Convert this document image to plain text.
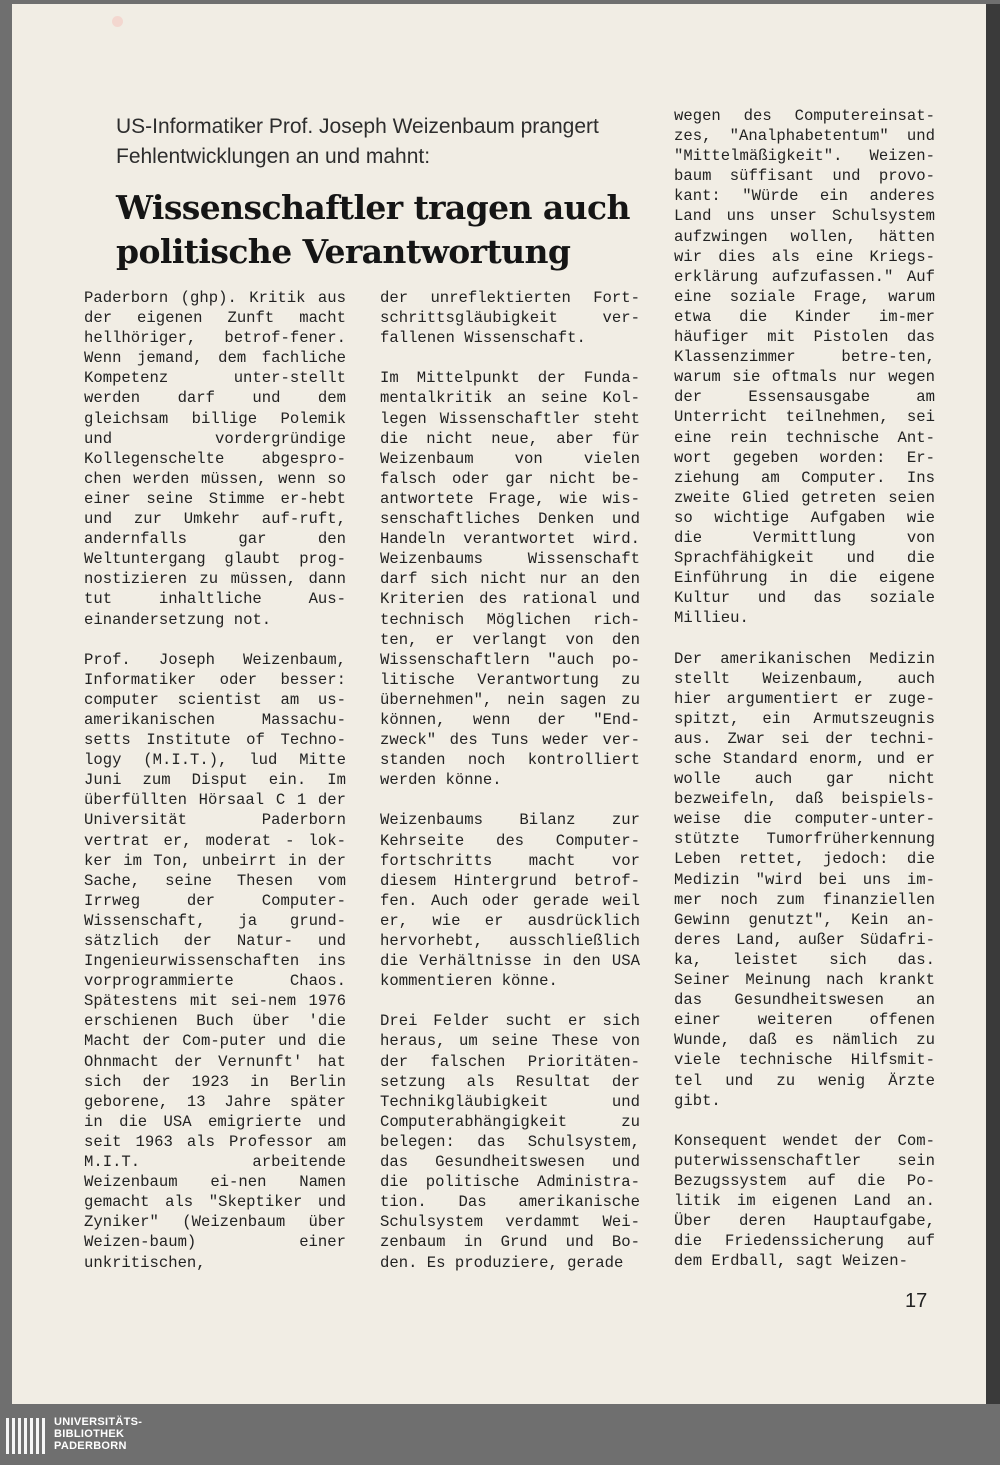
US-Informatiker Prof. Joseph Weizenbaum prangert
Fehlentwicklungen an und mahnt:
Wissenschaftler tragen auch
politische Verantwortung

Paderborn (ghp). Kritik aus der eigenen Zunft macht hellhöriger, betrof-fener. Wenn jemand, dem fachliche Kompetenz unter-stellt werden darf und dem gleichsam billige Polemik und vordergründige Kollegenschelte abgespro-chen werden müssen, wenn so einer seine Stimme er-hebt und zur Umkehr auf-ruft, andernfalls gar den Weltuntergang glaubt prog-nostizieren zu müssen, dann tut inhaltliche Aus-einandersetzung not.

Prof. Joseph Weizenbaum, Informatiker oder besser: computer scientist am us-amerikanischen Massachu-setts Institute of Techno-logy (M.I.T.), lud Mitte Juni zum Disput ein. Im überfüllten Hörsaal C 1 der Universität Paderborn vertrat er, moderat - lok-ker im Ton, unbeirrt in der Sache, seine Thesen vom Irrweg der Computer-Wissenschaft, ja grund-sätzlich der Natur- und Ingenieurwissenschaften ins vorprogrammierte Chaos. Spätestens mit sei-nem 1976 erschienen Buch über 'die Macht der Com-puter und die Ohnmacht der Vernunft' hat sich der 1923 in Berlin geborene, 13 Jahre später in die USA emigrierte und seit 1963 als Professor am M.I.T. arbeitende Weizenbaum ei-nen Namen gemacht als "Skeptiker und Zyniker" (Weizenbaum über Weizen-baum) einer unkritischen,

der unreflektierten Fort-schrittsgläubigkeit ver-fallenen Wissenschaft.

Im Mittelpunkt der Funda-mentalkritik an seine Kol-legen Wissenschaftler steht die nicht neue, aber für Weizenbaum von vielen falsch oder gar nicht be-antwortete Frage, wie wis-senschaftliches Denken und Handeln verantwortet wird. Weizenbaums Wissenschaft darf sich nicht nur an den Kriterien des rational und technisch Möglichen rich-ten, er verlangt von den Wissenschaftlern "auch po-litische Verantwortung zu übernehmen", nein sagen zu können, wenn der "End-zweck" des Tuns weder ver-standen noch kontrolliert werden könne.

Weizenbaums Bilanz zur Kehrseite des Computer-fortschritts macht vor diesem Hintergrund betrof-fen. Auch oder gerade weil er, wie er ausdrücklich hervorhebt, ausschließlich die Verhältnisse in den USA kommentieren könne.

Drei Felder sucht er sich heraus, um seine These von der falschen Prioritäten-setzung als Resultat der Technikgläubigkeit und Computerabhängigkeit zu belegen: das Schulsystem, das Gesundheitswesen und die politische Administra-tion. Das amerikanische Schulsystem verdammt Wei-zenbaum in Grund und Bo-den. Es produziere, gerade

wegen des Computereinsat-zes, "Analphabetentum" und "Mittelmäßigkeit". Weizen-baum süffisant und provo-kant: "Würde ein anderes Land uns unser Schulsystem aufzwingen wollen, hätten wir dies als eine Kriegs-erklärung aufzufassen." Auf eine soziale Frage, warum etwa die Kinder im-mer häufiger mit Pistolen das Klassenzimmer betre-ten, warum sie oftmals nur wegen der Essensausgabe am Unterricht teilnehmen, sei eine rein technische Ant-wort gegeben worden: Er-ziehung am Computer. Ins zweite Glied getreten seien so wichtige Aufgaben wie die Vermittlung von Sprachfähigkeit und die Einführung in die eigene Kultur und das soziale Millieu.

Der amerikanischen Medizin stellt Weizenbaum, auch hier argumentiert er zuge-spitzt, ein Armutszeugnis aus. Zwar sei der techni-sche Standard enorm, und er wolle auch gar nicht bezweifeln, daß beispiels-weise die computer-unter-stützte Tumorfrüherkennung Leben rettet, jedoch: die Medizin "wird bei uns im-mer noch zum finanziellen Gewinn genutzt", Kein an-deres Land, außer Südafri-ka, leistet sich das. Seiner Meinung nach krankt das Gesundheitswesen an einer weiteren offenen Wunde, daß es nämlich zu viele technische Hilfsmit-tel und zu wenig Ärzte gibt.

Konsequent wendet der Com-puterwissenschaftler sein Bezugssystem auf die Po-litik im eigenen Land an. Über deren Hauptaufgabe, die Friedenssicherung auf dem Erdball, sagt Weizen-

17
UNIVERSITÄTS-
BIBLIOTHEK
PADERBORN
